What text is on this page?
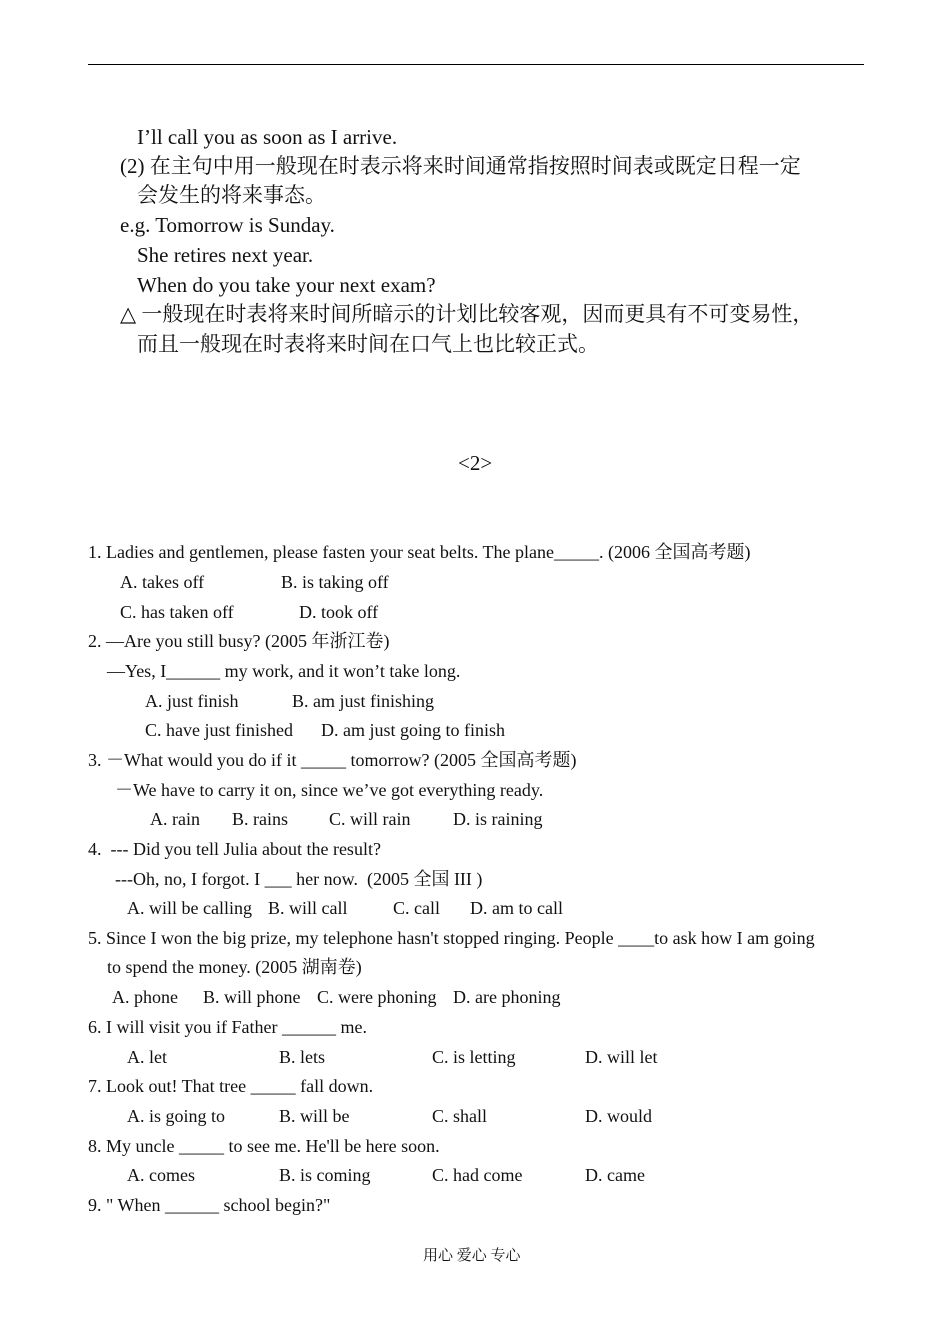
I’ll call you as soon as I arrive.
(2) 在主句中用一般现在时表示将来时间通常指按照时间表或既定日程一定
会发生的将来事态。
e.g. Tomorrow is Sunday.
She retires next year.
When do you take your next exam?
△ 一般现在时表将来时间所暗示的计划比较客观，因而更具有不可变易性，
而且一般现在时表将来时间在口气上也比较正式。
<2>
1. Ladies and gentlemen, please fasten your seat belts. The plane_____. (2006 全国高考题)
A. takes off	B. is taking off
C. has taken off	D. took off
2. —Are you still busy? (2005 年浙江卷)
—Yes, I______ my work, and it won’t take long.
A. just finish	B. am just finishing
C. have just finished D. am just going to finish
3. －What would you do if it _____ tomorrow? (2005 全国高考题)
－We have to carry it on, since we’ve got everything ready.
A. rain B. rains C. will rain D. is raining
4.  --- Did you tell Julia about the result?
---Oh, no, I forgot. I ___ her now.  (2005 全国 III )
A. will be calling B. will call	C. call D. am to call
5. Since I won the big prize, my telephone hasn't stopped ringing. People ____to ask how I am going
to spend the money. (2005 湖南卷)
A. phone B. will phone C. were phoning D. are phoning
6. I will visit you if Father ______ me.
A. let	B. lets	C. is letting	D. will let
7. Look out! That tree _____ fall down.
A. is going to	B. will be	C. shall	D. would
8. My uncle _____ to see me. He'll be here soon.
A. comes	B. is coming	C. had come	D. came
9. " When ______ school begin?"
用心 爱心 专心
